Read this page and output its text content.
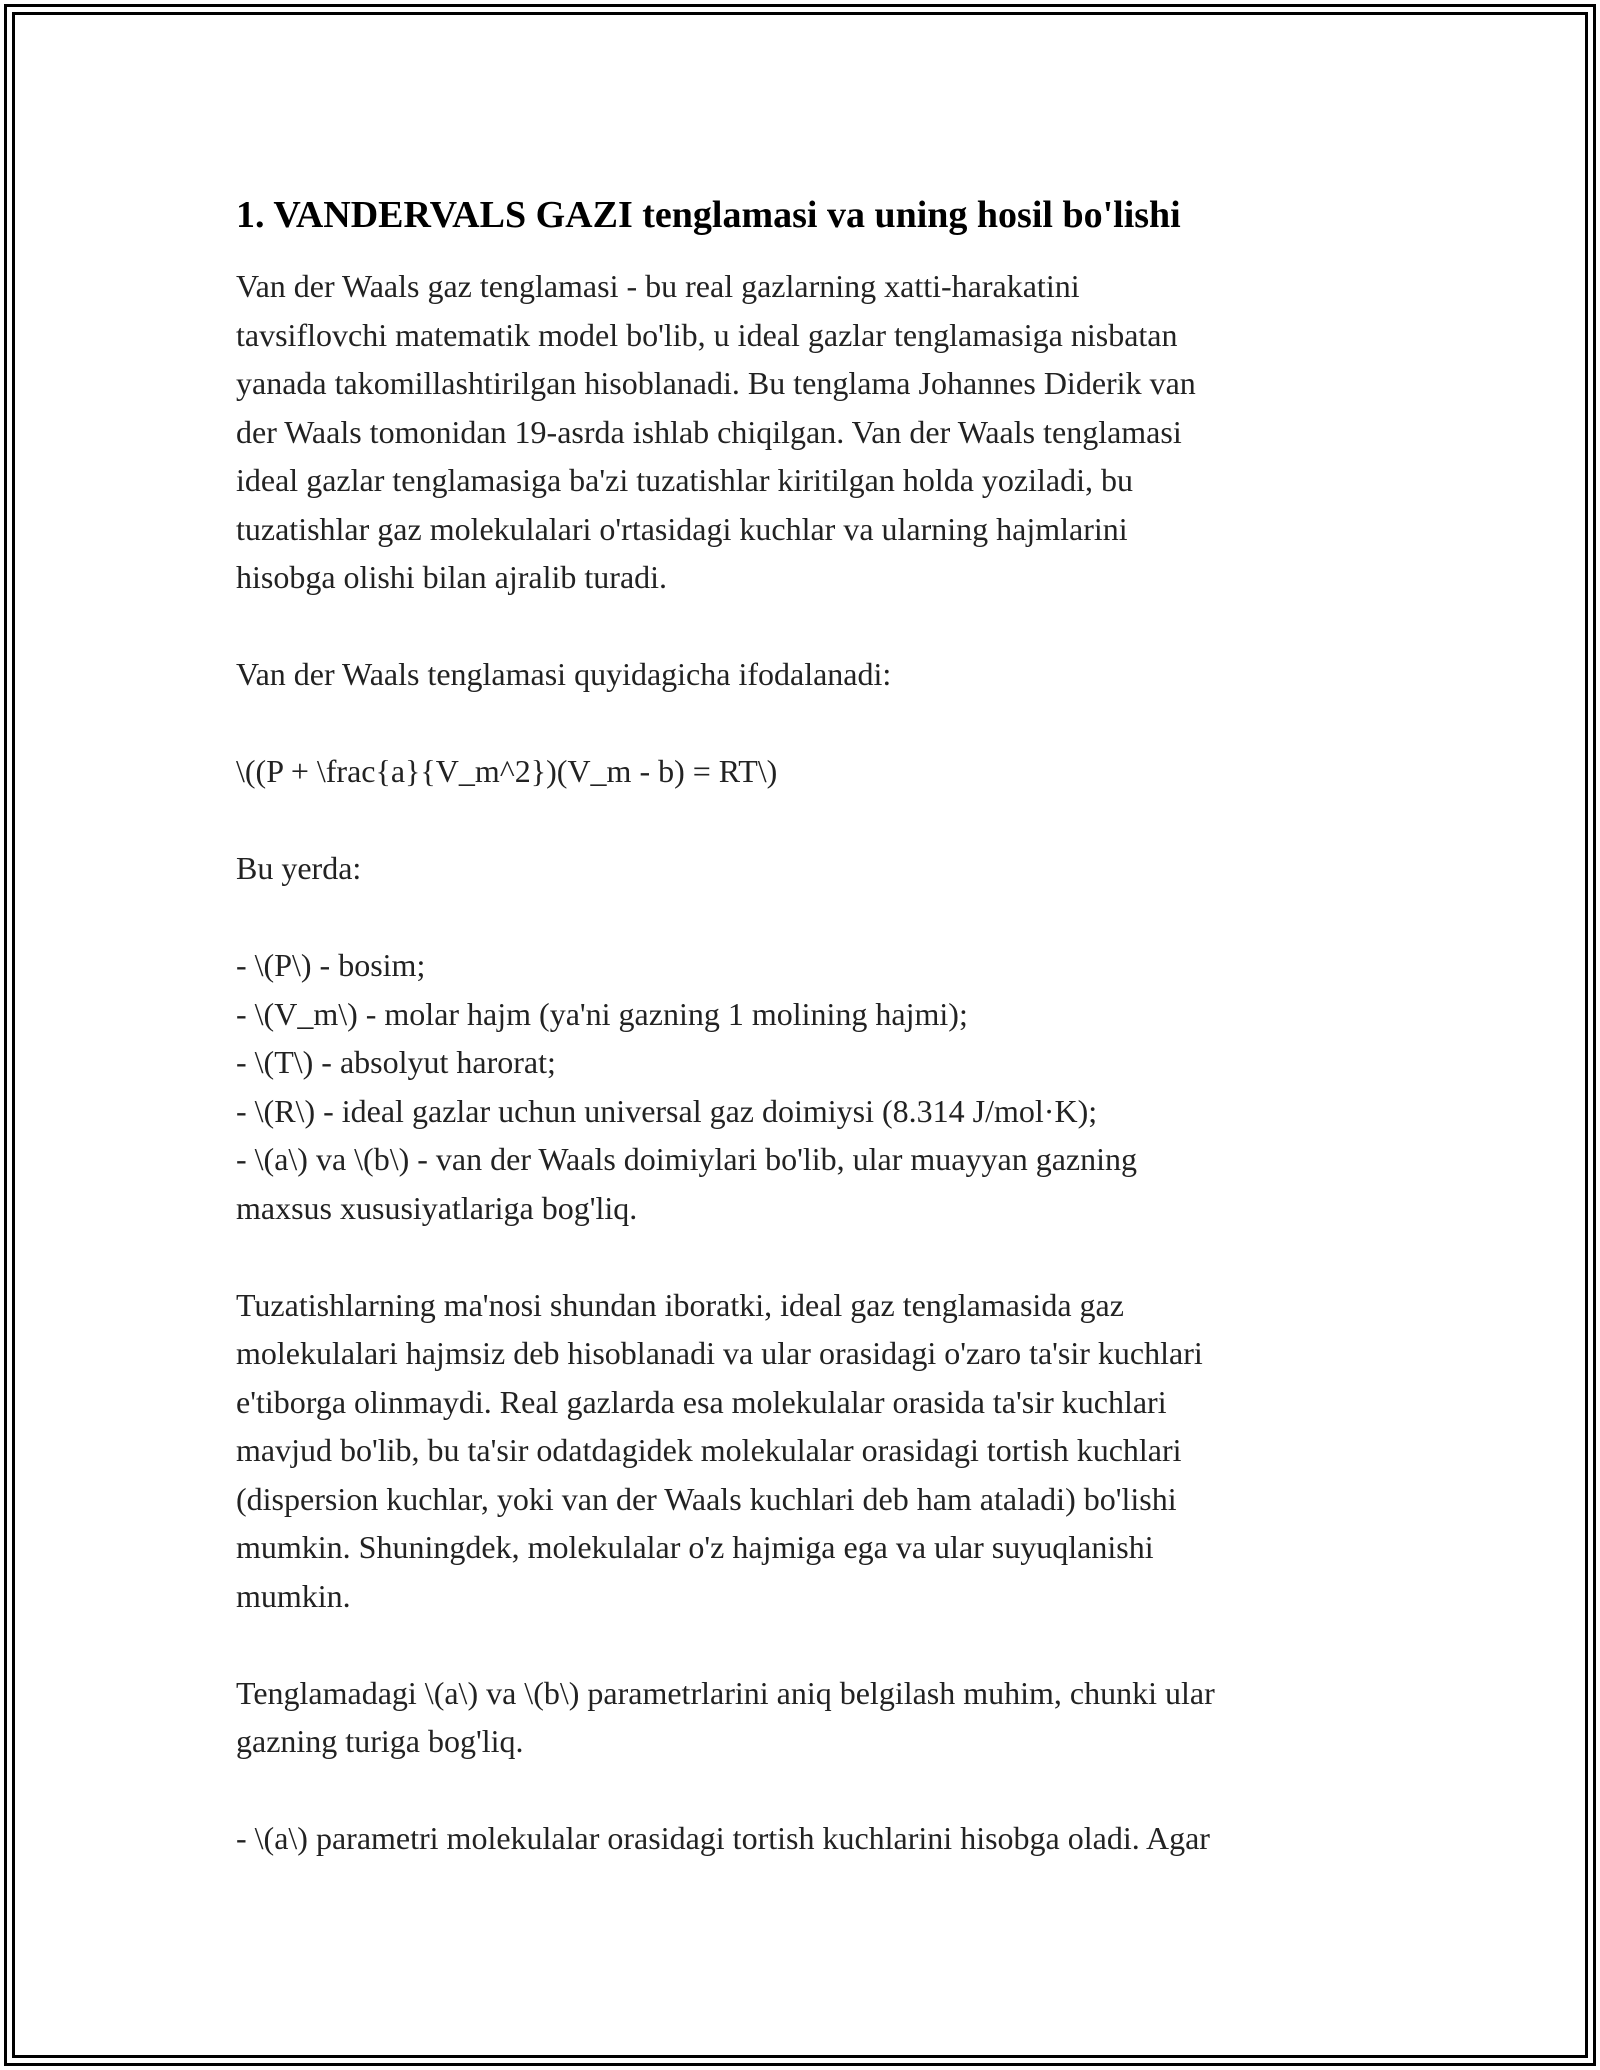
1. VANDERVALS GAZI tenglamasi va uning hosil bo'lishi

Van der Waals gaz tenglamasi - bu real gazlarning xatti-harakatini

tavsiflovchi matematik model bo'lib, u ideal gazlar tenglamasiga nisbatan

yanada takomillashtirilgan hisoblanadi. Bu tenglama Johannes Diderik van

der Waals tomonidan 19-asrda ishlab chiqilgan. Van der Waals tenglamasi

ideal gazlar tenglamasiga ba'zi tuzatishlar kiritilgan holda yoziladi, bu

tuzatishlar gaz molekulalari o'rtasidagi kuchlar va ularning hajmlarini

hisobga olishi bilan ajralib turadi.

Van der Waals tenglamasi quyidagicha ifodalanadi:

\((P + \frac{a}{V_m^2})(V_m - b) = RT\)

Bu yerda:

- \(P\) - bosim;

- \(V_m\) - molar hajm (ya'ni gazning 1 molining hajmi);

- \(T\) - absolyut harorat;

- \(R\) - ideal gazlar uchun universal gaz doimiysi (8.314 J/mol·K);

- \(a\) va \(b\) - van der Waals doimiylari bo'lib, ular muayyan gazning

maxsus xususiyatlariga bog'liq.

Tuzatishlarning ma'nosi shundan iboratki, ideal gaz tenglamasida gaz

molekulalari hajmsiz deb hisoblanadi va ular orasidagi o'zaro ta'sir kuchlari

e'tiborga olinmaydi. Real gazlarda esa molekulalar orasida ta'sir kuchlari

mavjud bo'lib, bu ta'sir odatdagidek molekulalar orasidagi tortish kuchlari

(dispersion kuchlar, yoki van der Waals kuchlari deb ham ataladi) bo'lishi

mumkin. Shuningdek, molekulalar o'z hajmiga ega va ular suyuqlanishi

mumkin.

Tenglamadagi \(a\) va \(b\) parametrlarini aniq belgilash muhim, chunki ular

gazning turiga bog'liq.

- \(a\) parametri molekulalar orasidagi tortish kuchlarini hisobga oladi. Agar
